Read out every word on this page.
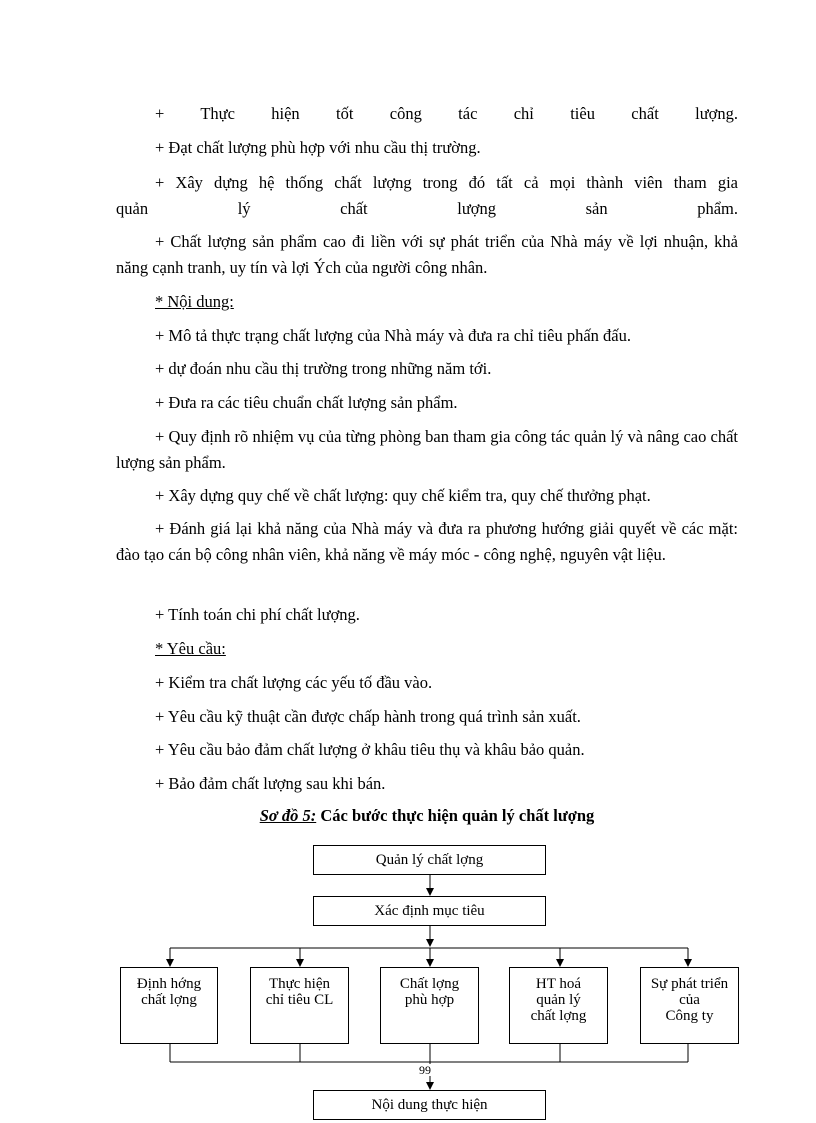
+ Thực hiện tốt công tác chỉ tiêu chất lượng.

+ Đạt chất lượng phù hợp với nhu cầu thị trường.

+ Xây dựng hệ thống chất lượng trong đó tất cả mọi thành viên tham gia

quản lý chất lượng sản phẩm.

+ Chất lượng sản phẩm cao đi liền với sự phát triển của Nhà máy về lợi nhuận, khả năng cạnh tranh, uy tín và lợi Ých của người công nhân.

* Nội dung:

+ Mô tả thực trạng chất lượng của Nhà máy và đưa ra chỉ tiêu phấn đấu.

+ dự đoán nhu cầu thị trường trong những năm tới.

+ Đưa ra các tiêu chuẩn chất lượng sản phẩm.

+ Quy định rõ nhiệm vụ của từng phòng ban tham gia công tác quản lý và nâng cao chất lượng sản phẩm.

+ Xây dựng quy chế về chất lượng: quy chế kiểm tra, quy chế thưởng phạt.

+ Đánh giá lại khả năng của Nhà máy và đưa ra phương hướng giải quyết về các mặt: đào tạo cán bộ công nhân viên, khả năng về máy móc - công nghệ, nguyên vật liệu.

+ Tính toán chi phí chất lượng.

* Yêu cầu:

+ Kiểm tra chất lượng các yếu tố đầu vào.

+ Yêu cầu kỹ thuật cần được chấp hành trong quá trình sản xuất.

+ Yêu cầu bảo đảm chất lượng ở khâu tiêu thụ và khâu bảo quản.

+ Bảo đảm chất lượng sau khi bán.

Sơ đồ 5: Các bước thực hiện quản lý chất lượng
Quản lý chất lợng
Xác định mục tiêu
Định hớng
chất lợng
Thực hiện
chỉ tiêu CL
Chất lợng
phù hợp
HT hoá
quản lý
chất lợng
Sự phát triển
của
Công ty
99
Nội dung thực hiện
